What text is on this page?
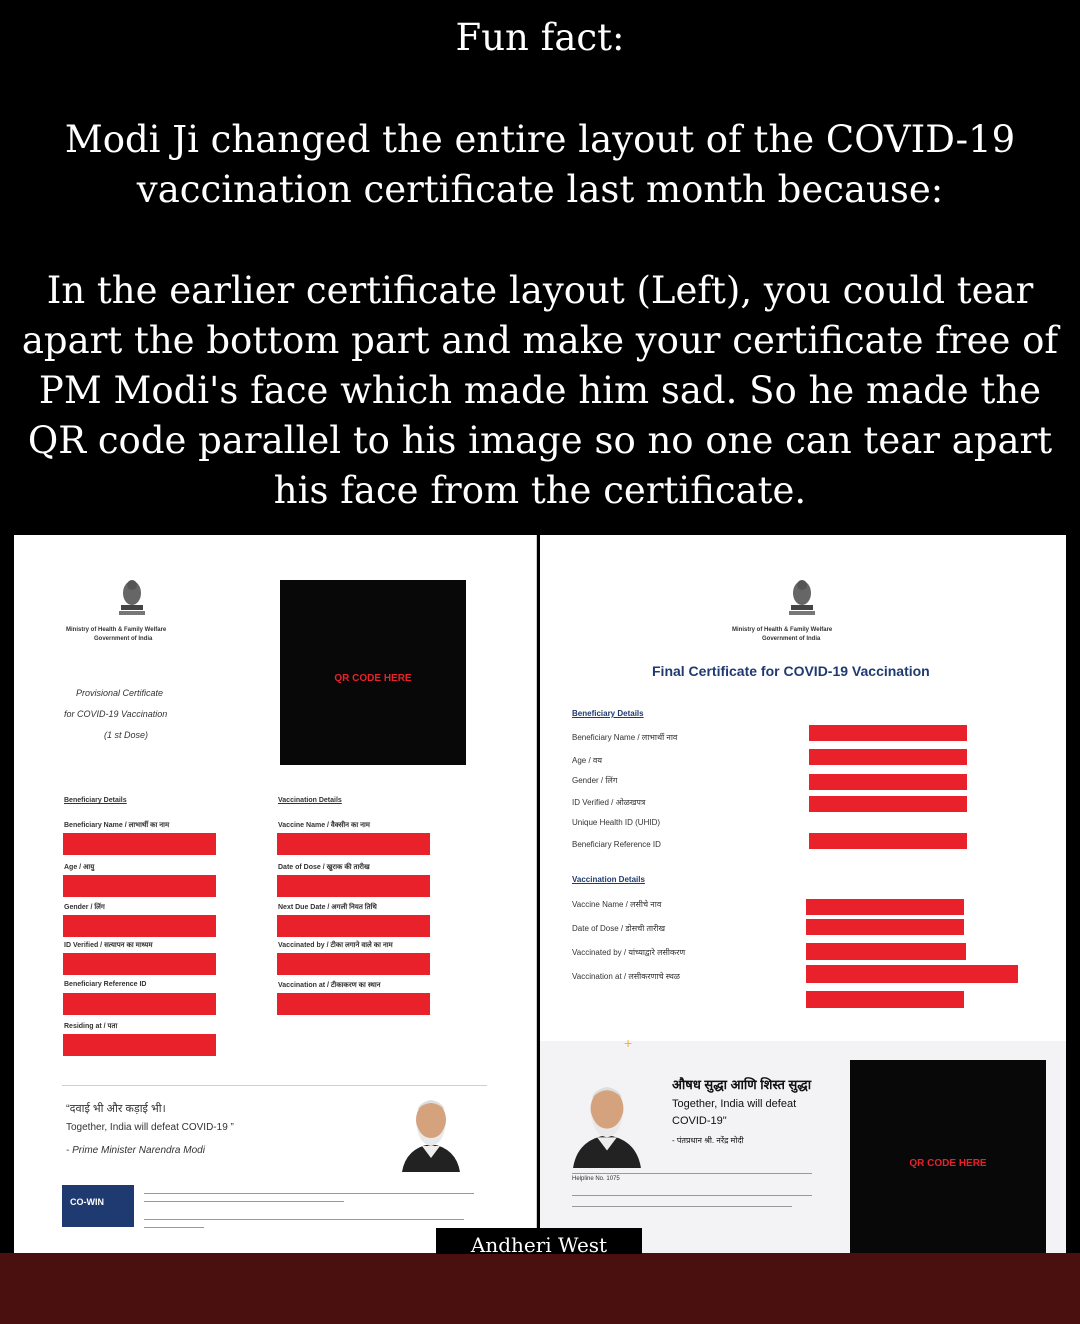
Fun fact:
Modi Ji changed the entire layout of the COVID-19
vaccination certificate last month because:
In the earlier certificate layout (Left), you could tear
apart the bottom part and make your certificate free of
PM Modi's face which made him sad. So he made the
QR code parallel to his image so no one can tear apart
his face from the certificate.
Ministry of Health & Family Welfare
Government of India
Provisional Certificate
for COVID-19 Vaccination
(1 st Dose)
QR CODE HERE
Beneficiary Details	Vaccination Details
Beneficiary Name / लाभार्थी का नाम
Age / आयु
Gender / लिंग
ID Verified / सत्यापन का माध्यम
Beneficiary Reference ID
Residing at / पता
Vaccine Name / वैक्सीन का नाम
Date of Dose / खुराक की तारीख
Next Due Date / अगली नियत तिथि
Vaccinated by / टीका लगाने वाले का नाम
Vaccination at / टीकाकरण का स्थान
“दवाई भी और कड़ाई भी।
Together, India will defeat COVID-19 ”
- Prime Minister Narendra Modi
CO-WIN
Ministry of Health & Family Welfare
Government of India
Final Certificate for COVID-19 Vaccination
Beneficiary Details
Beneficiary Name / लाभार्थी नाव
Age / वय
Gender / लिंग
ID Verified / ओळखपत्र
Unique Health ID (UHID)
Beneficiary Reference ID
Vaccination Details
Vaccine Name / लसीचे नाव
Date of Dose / डोसची तारीख
Vaccinated by / यांच्याद्वारे लसीकरण
Vaccination at / लसीकरणाचे स्थळ
+
औषध सुद्धा आणि शिस्त सुद्धा
Together, India will defeat
COVID-19"
- पंतप्रधान श्री. नरेंद्र मोदी
Helpline No. 1075
QR CODE HERE
Andheri West
